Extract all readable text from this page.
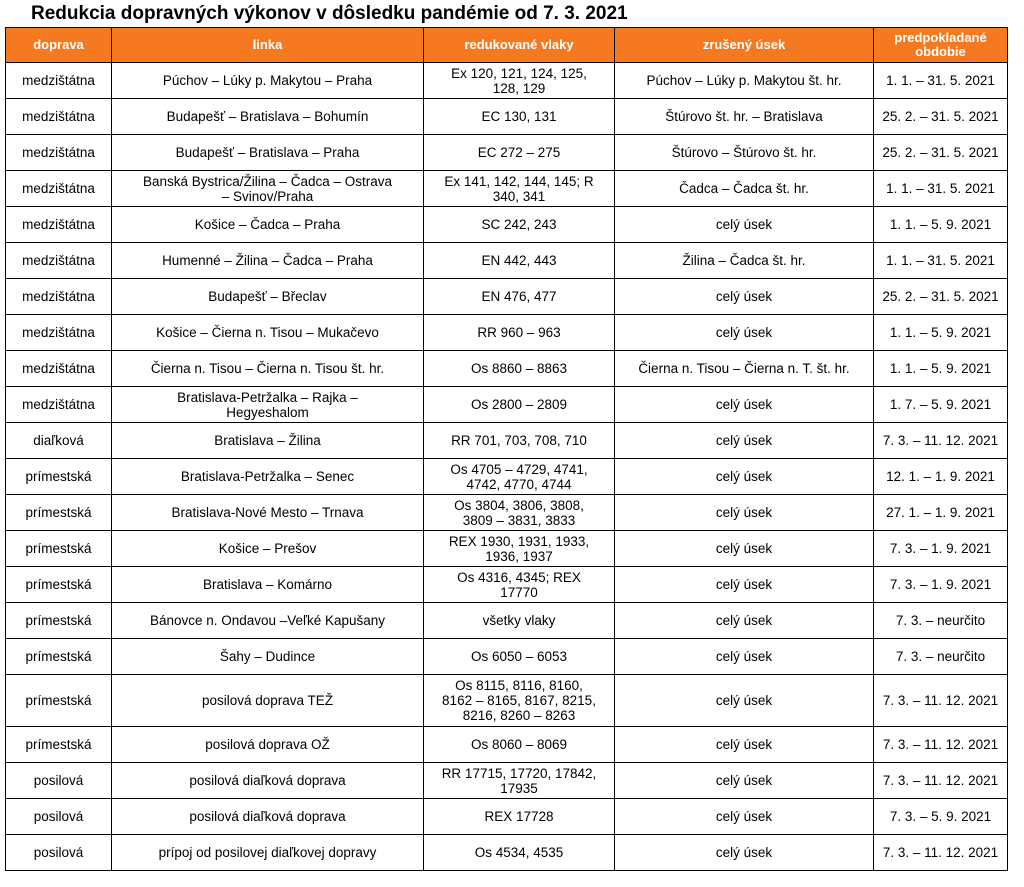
Redukcia dopravných výkonov v dôsledku pandémie od 7. 3. 2021
doprava	linka	redukované vlaky	zrušený úsek	predpokladané obdobie

medzištátna	Púchov – Lúky p. Makytou – Praha	Ex 120, 121, 124, 125, 128, 129	Púchov – Lúky p. Makytou št. hr.	1. 1. – 31. 5. 2021

medzištátna	Budapešť – Bratislava – Bohumín	EC 130, 131	Štúrovo št. hr. – Bratislava	25. 2. – 31. 5. 2021

medzištátna	Budapešť – Bratislava – Praha	EC 272 – 275	Štúrovo – Štúrovo št. hr.	25. 2. – 31. 5. 2021

medzištátna	Banská Bystrica/Žilina – Čadca – Ostrava – Svinov/Praha	Ex 141, 142, 144, 145; R 340, 341	Čadca – Čadca št. hr.	1. 1. – 31. 5. 2021

medzištátna	Košice – Čadca – Praha	SC 242, 243	celý úsek	1. 1. – 5. 9. 2021

medzištátna	Humenné – Žilina – Čadca – Praha	EN 442, 443	Žilina – Čadca št. hr.	1. 1. – 31. 5. 2021

medzištátna	Budapešť – Břeclav	EN 476, 477	celý úsek	25. 2. – 31. 5. 2021

medzištátna	Košice – Čierna n. Tisou – Mukačevo	RR 960 – 963	celý úsek	1. 1. – 5. 9. 2021

medzištátna	Čierna n. Tisou – Čierna n. Tisou št. hr.	Os 8860 – 8863	Čierna n. Tisou – Čierna n. T. št. hr.	1. 1. – 5. 9. 2021

medzištátna	Bratislava-Petržalka – Rajka – Hegyeshalom	Os 2800 – 2809	celý úsek	1. 7. – 5. 9. 2021

diaľková	Bratislava – Žilina	RR 701, 703, 708, 710	celý úsek	7. 3. – 11. 12. 2021

prímestská	Bratislava-Petržalka – Senec	Os 4705 – 4729, 4741, 4742, 4770, 4744	celý úsek	12. 1. – 1. 9. 2021

prímestská	Bratislava-Nové Mesto – Trnava	Os 3804, 3806, 3808, 3809 – 3831, 3833	celý úsek	27. 1. – 1. 9. 2021

prímestská	Košice – Prešov	REX 1930, 1931, 1933, 1936, 1937	celý úsek	7. 3. – 1. 9. 2021

prímestská	Bratislava – Komárno	Os 4316, 4345; REX 17770	celý úsek	7. 3. – 1. 9. 2021

prímestská	Bánovce n. Ondavou –Veľké Kapušany	všetky vlaky	celý úsek	7. 3. – neurčito

prímestská	Šahy – Dudince	Os 6050 – 6053	celý úsek	7. 3. – neurčito

prímestská	posilová doprava TEŽ	Os 8115, 8116, 8160, 8162 – 8165, 8167, 8215, 8216, 8260 – 8263	celý úsek	7. 3. – 11. 12. 2021

prímestská	posilová doprava OŽ	Os 8060 – 8069	celý úsek	7. 3. – 11. 12. 2021

posilová	posilová diaľková doprava	RR 17715, 17720, 17842, 17935	celý úsek	7. 3. – 11. 12. 2021

posilová	posilová diaľková doprava	REX 17728	celý úsek	7. 3. – 5. 9. 2021

posilová	prípoj od posilovej diaľkovej dopravy	Os 4534, 4535	celý úsek	7. 3. – 11. 12. 2021
